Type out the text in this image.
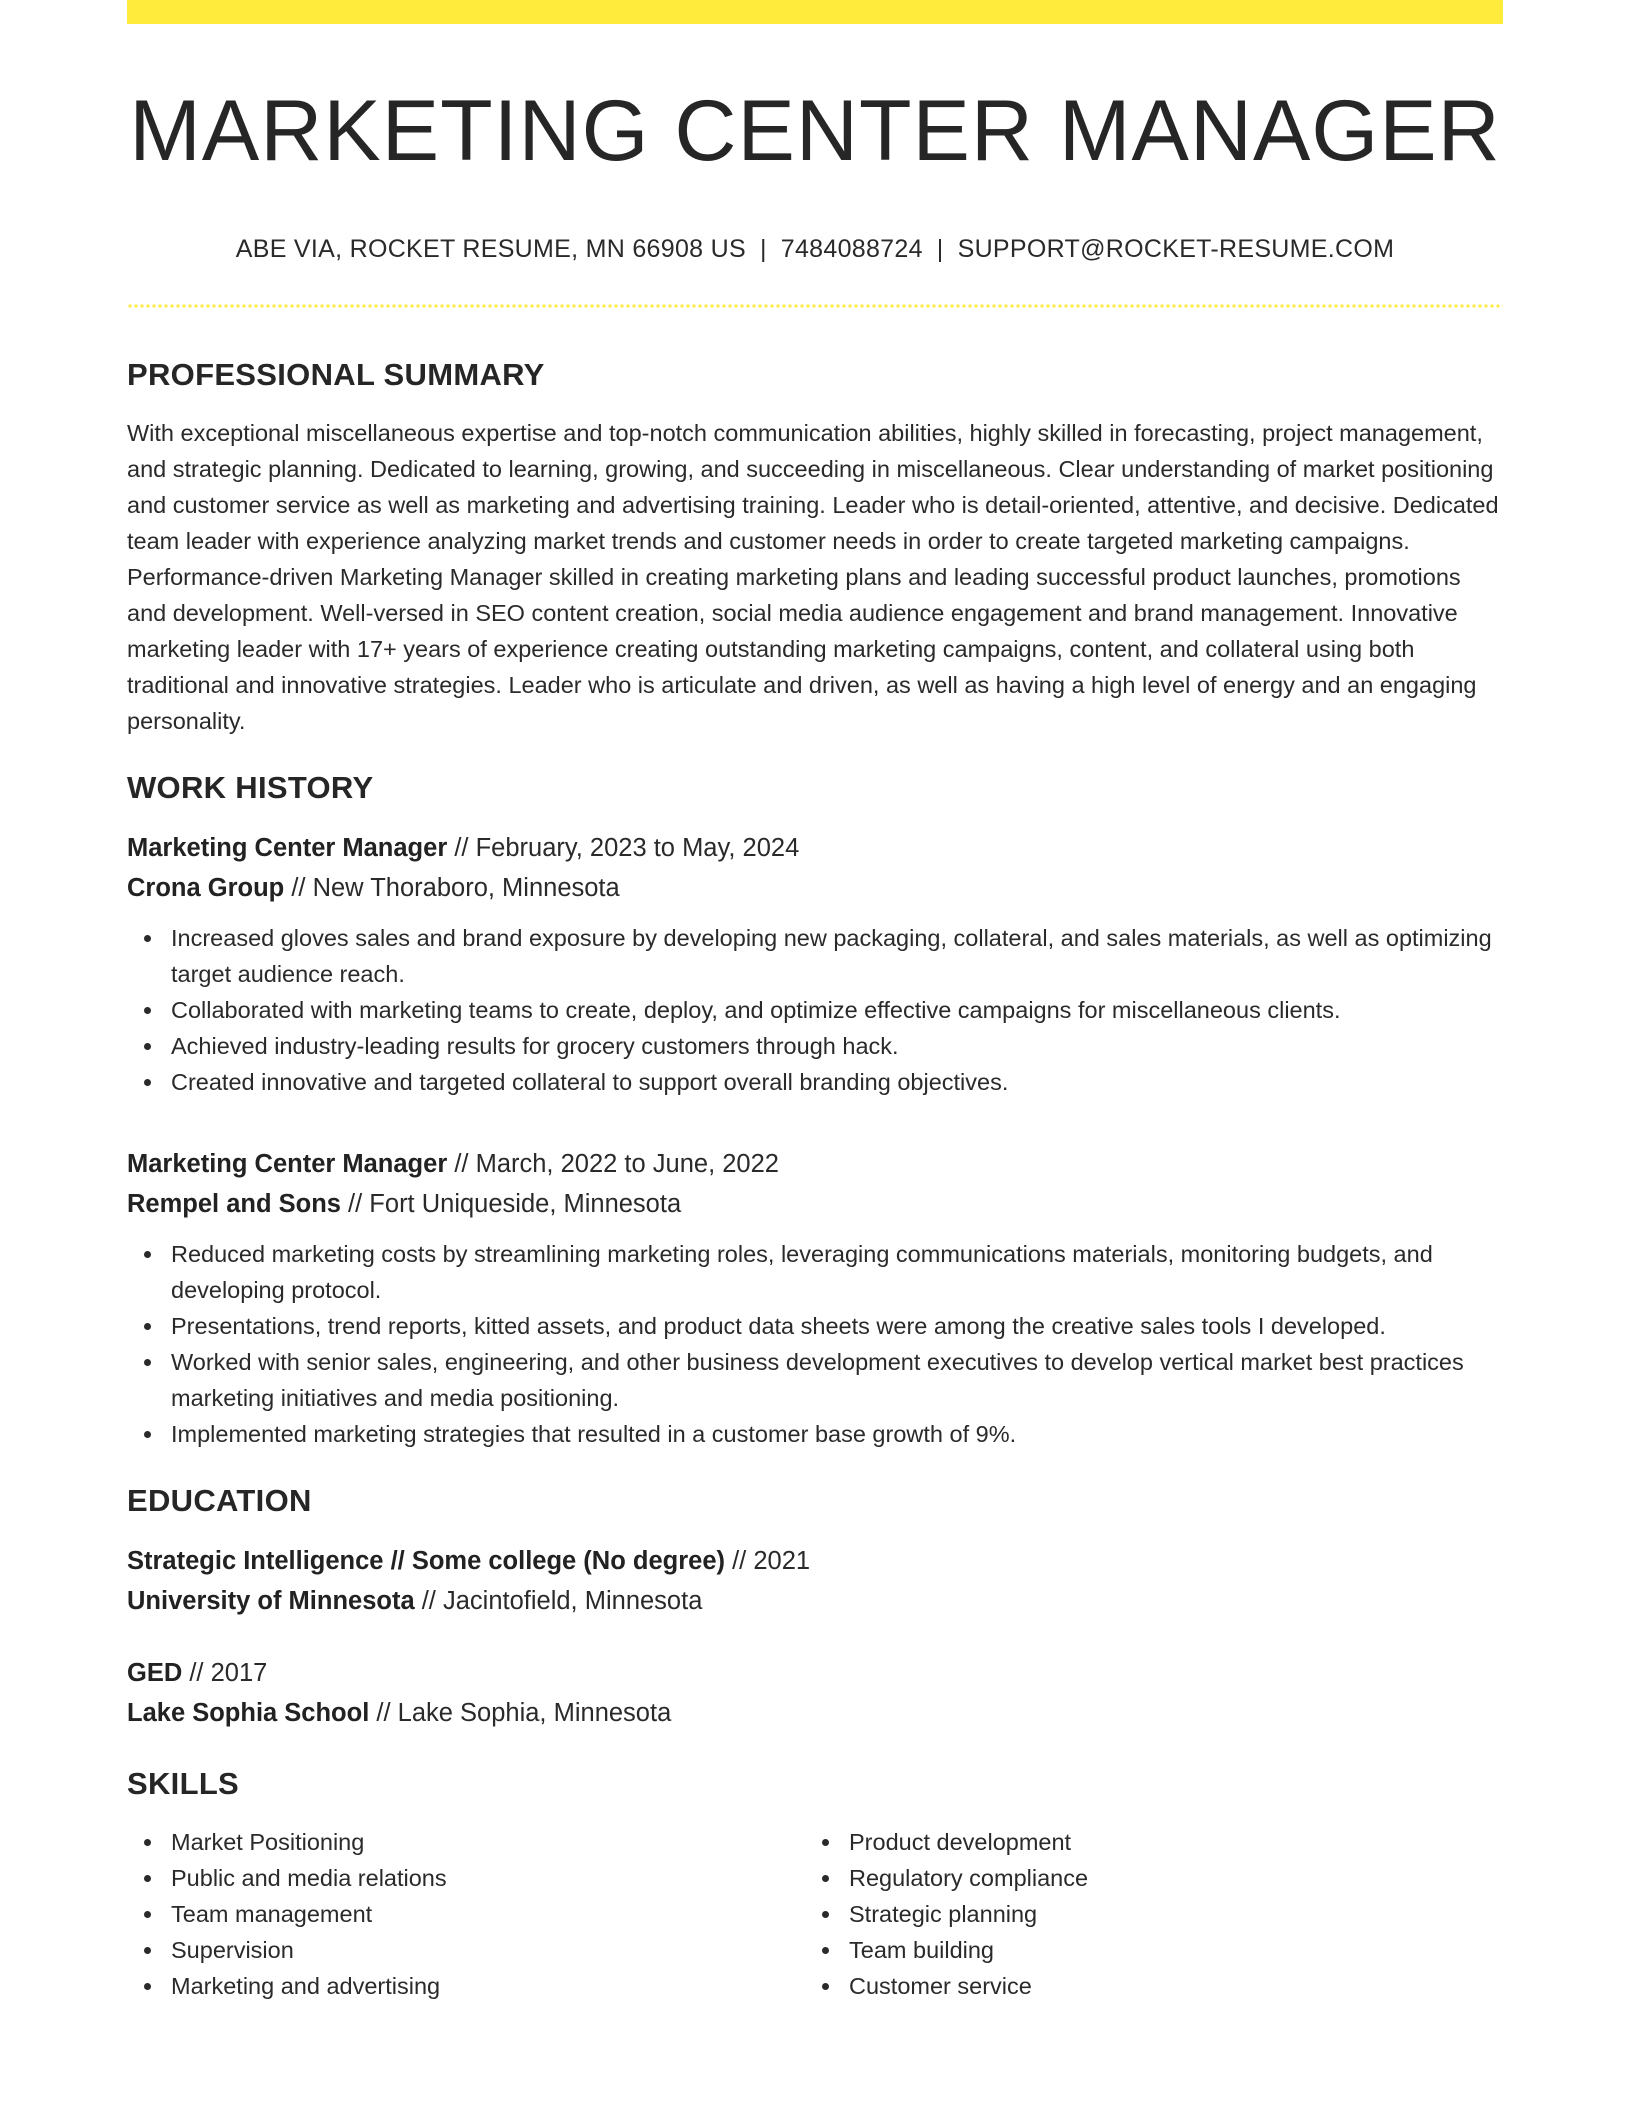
MARKETING CENTER MANAGER
ABE VIA, ROCKET RESUME, MN 66908 US | 7484088724 | SUPPORT@ROCKET-RESUME.COM
PROFESSIONAL SUMMARY

With exceptional miscellaneous expertise and top-notch communication abilities, highly skilled in forecasting, project management, and strategic planning. Dedicated to learning, growing, and succeeding in miscellaneous. Clear understanding of market positioning and customer service as well as marketing and advertising training. Leader who is detail-oriented, attentive, and decisive. Dedicated team leader with experience analyzing market trends and customer needs in order to create targeted marketing campaigns. Performance-driven Marketing Manager skilled in creating marketing plans and leading successful product launches, promotions and development. Well-versed in SEO content creation, social media audience engagement and brand management. Innovative marketing leader with 17+ years of experience creating outstanding marketing campaigns, content, and collateral using both traditional and innovative strategies. Leader who is articulate and driven, as well as having a high level of energy and an engaging personality.

WORK HISTORY
Marketing Center Manager // February, 2023 to May, 2024
Crona Group // New Thoraboro, Minnesota
Increased gloves sales and brand exposure by developing new packaging, collateral, and sales materials, as well as optimizing target audience reach.
Collaborated with marketing teams to create, deploy, and optimize effective campaigns for miscellaneous clients.
Achieved industry-leading results for grocery customers through hack.
Created innovative and targeted collateral to support overall branding objectives.
Marketing Center Manager // March, 2022 to June, 2022
Rempel and Sons // Fort Uniqueside, Minnesota
Reduced marketing costs by streamlining marketing roles, leveraging communications materials, monitoring budgets, and developing protocol.
Presentations, trend reports, kitted assets, and product data sheets were among the creative sales tools I developed.
Worked with senior sales, engineering, and other business development executives to develop vertical market best practices marketing initiatives and media positioning.
Implemented marketing strategies that resulted in a customer base growth of 9%.
EDUCATION
Strategic Intelligence // Some college (No degree) // 2021
University of Minnesota // Jacintofield, Minnesota
GED // 2017
Lake Sophia School // Lake Sophia, Minnesota
SKILLS
Market Positioning
Public and media relations
Team management
Supervision
Marketing and advertising
Product development
Regulatory compliance
Strategic planning
Team building
Customer service
